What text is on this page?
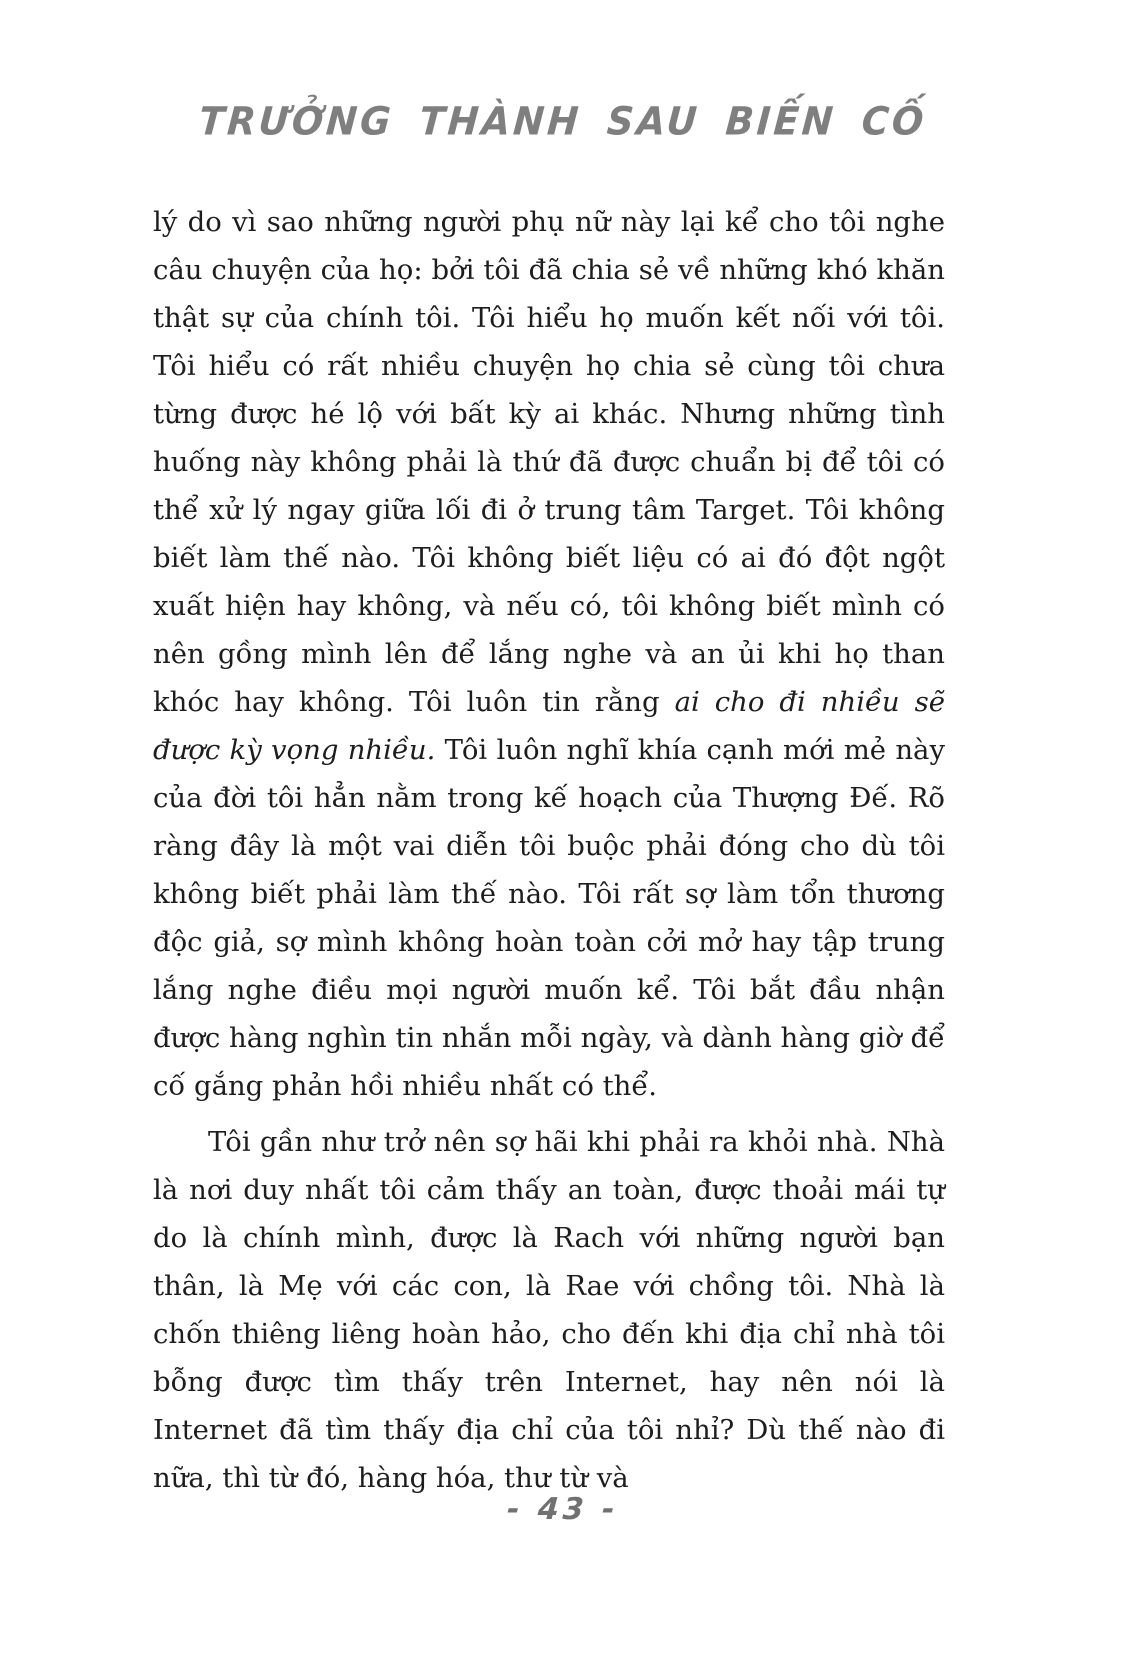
TRƯỞNG THÀNH SAU BIẾN CỐ

lý do vì sao những người phụ nữ này lại kể cho tôi nghe câu chuyện của họ: bởi tôi đã chia sẻ về những khó khăn thật sự của chính tôi. Tôi hiểu họ muốn kết nối với tôi. Tôi hiểu có rất nhiều chuyện họ chia sẻ cùng tôi chưa từng được hé lộ với bất kỳ ai khác. Nhưng những tình huống này không phải là thứ đã được chuẩn bị để tôi có thể xử lý ngay giữa lối đi ở trung tâm Target. Tôi không biết làm thế nào. Tôi không biết liệu có ai đó đột ngột xuất hiện hay không, và nếu có, tôi không biết mình có nên gồng mình lên để lắng nghe và an ủi khi họ than khóc hay không. Tôi luôn tin rằng ai cho đi nhiều sẽ được kỳ vọng nhiều. Tôi luôn nghĩ khía cạnh mới mẻ này của đời tôi hẳn nằm trong kế hoạch của Thượng Đế. Rõ ràng đây là một vai diễn tôi buộc phải đóng cho dù tôi không biết phải làm thế nào. Tôi rất sợ làm tổn thương độc giả, sợ mình không hoàn toàn cởi mở hay tập trung lắng nghe điều mọi người muốn kể. Tôi bắt đầu nhận được hàng nghìn tin nhắn mỗi ngày, và dành hàng giờ để cố gắng phản hồi nhiều nhất có thể.

Tôi gần như trở nên sợ hãi khi phải ra khỏi nhà. Nhà là nơi duy nhất tôi cảm thấy an toàn, được thoải mái tự do là chính mình, được là Rach với những người bạn thân, là Mẹ với các con, là Rae với chồng tôi. Nhà là chốn thiêng liêng hoàn hảo, cho đến khi địa chỉ nhà tôi bỗng được tìm thấy trên Internet, hay nên nói là Internet đã tìm thấy địa chỉ của tôi nhỉ? Dù thế nào đi nữa, thì từ đó, hàng hóa, thư từ và

- 43 -
